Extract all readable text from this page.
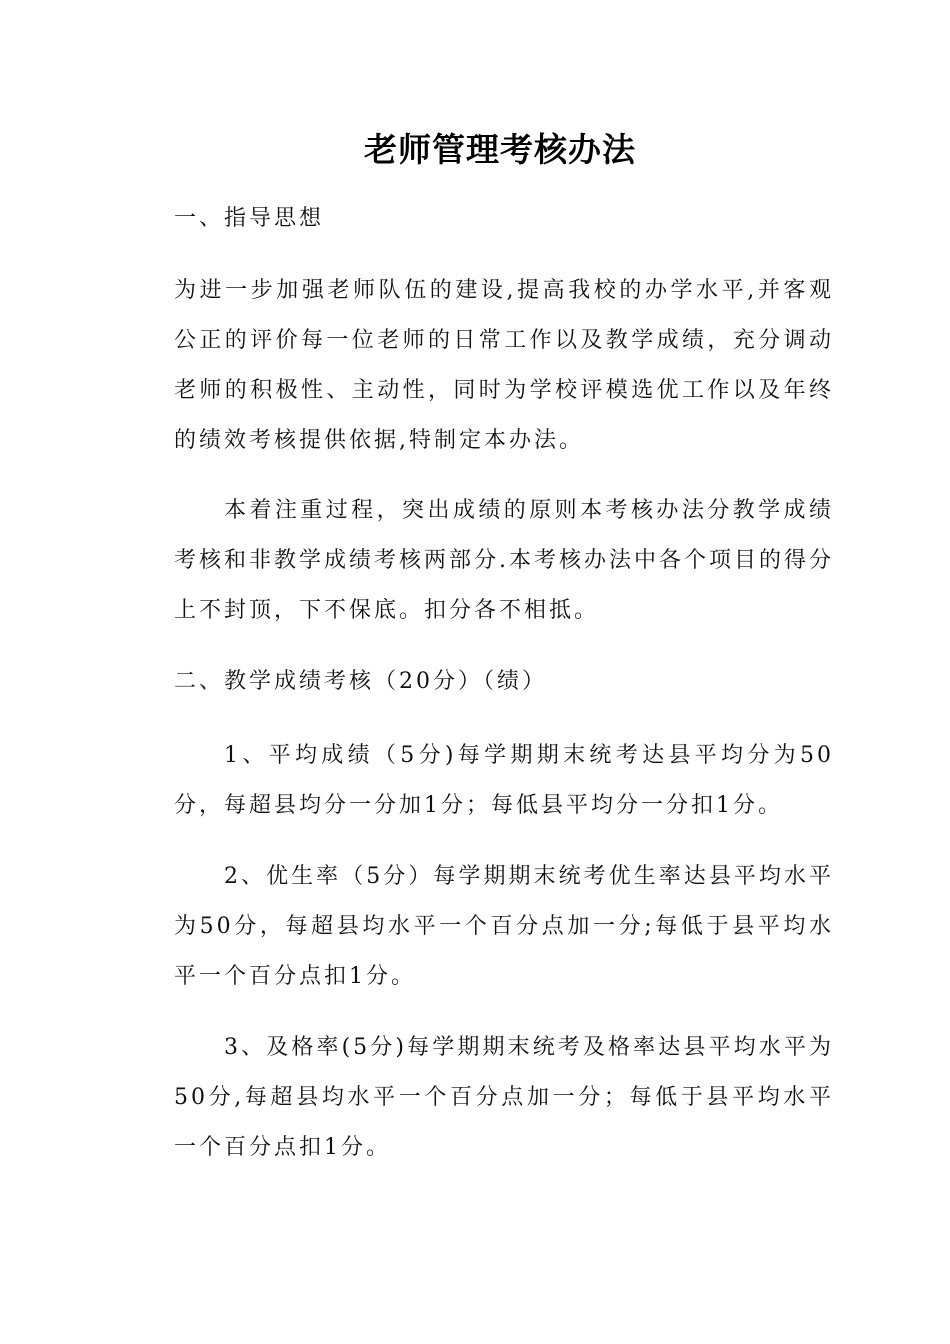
老师管理考核办法
一、指导思想
为进一步加强老师队伍的建设,提高我校的办学水平,并客观公正的评价每一位老师的日常工作以及教学成绩，充分调动老师的积极性、主动性，同时为学校评模选优工作以及年终的绩效考核提供依据,特制定本办法。
本着注重过程，突出成绩的原则本考核办法分教学成绩考核和非教学成绩考核两部分.本考核办法中各个项目的得分上不封顶，下不保底。扣分各不相抵。
二、教学成绩考核（20分）（绩）
1、平均成绩（5分)每学期期末统考达县平均分为50分，每超县均分一分加1分；每低县平均分一分扣1分。
2、优生率（5分）每学期期末统考优生率达县平均水平为50分，每超县均水平一个百分点加一分;每低于县平均水平一个百分点扣1分。
3、及格率(5分)每学期期末统考及格率达县平均水平为50分,每超县均水平一个百分点加一分；每低于县平均水平一个百分点扣1分。
